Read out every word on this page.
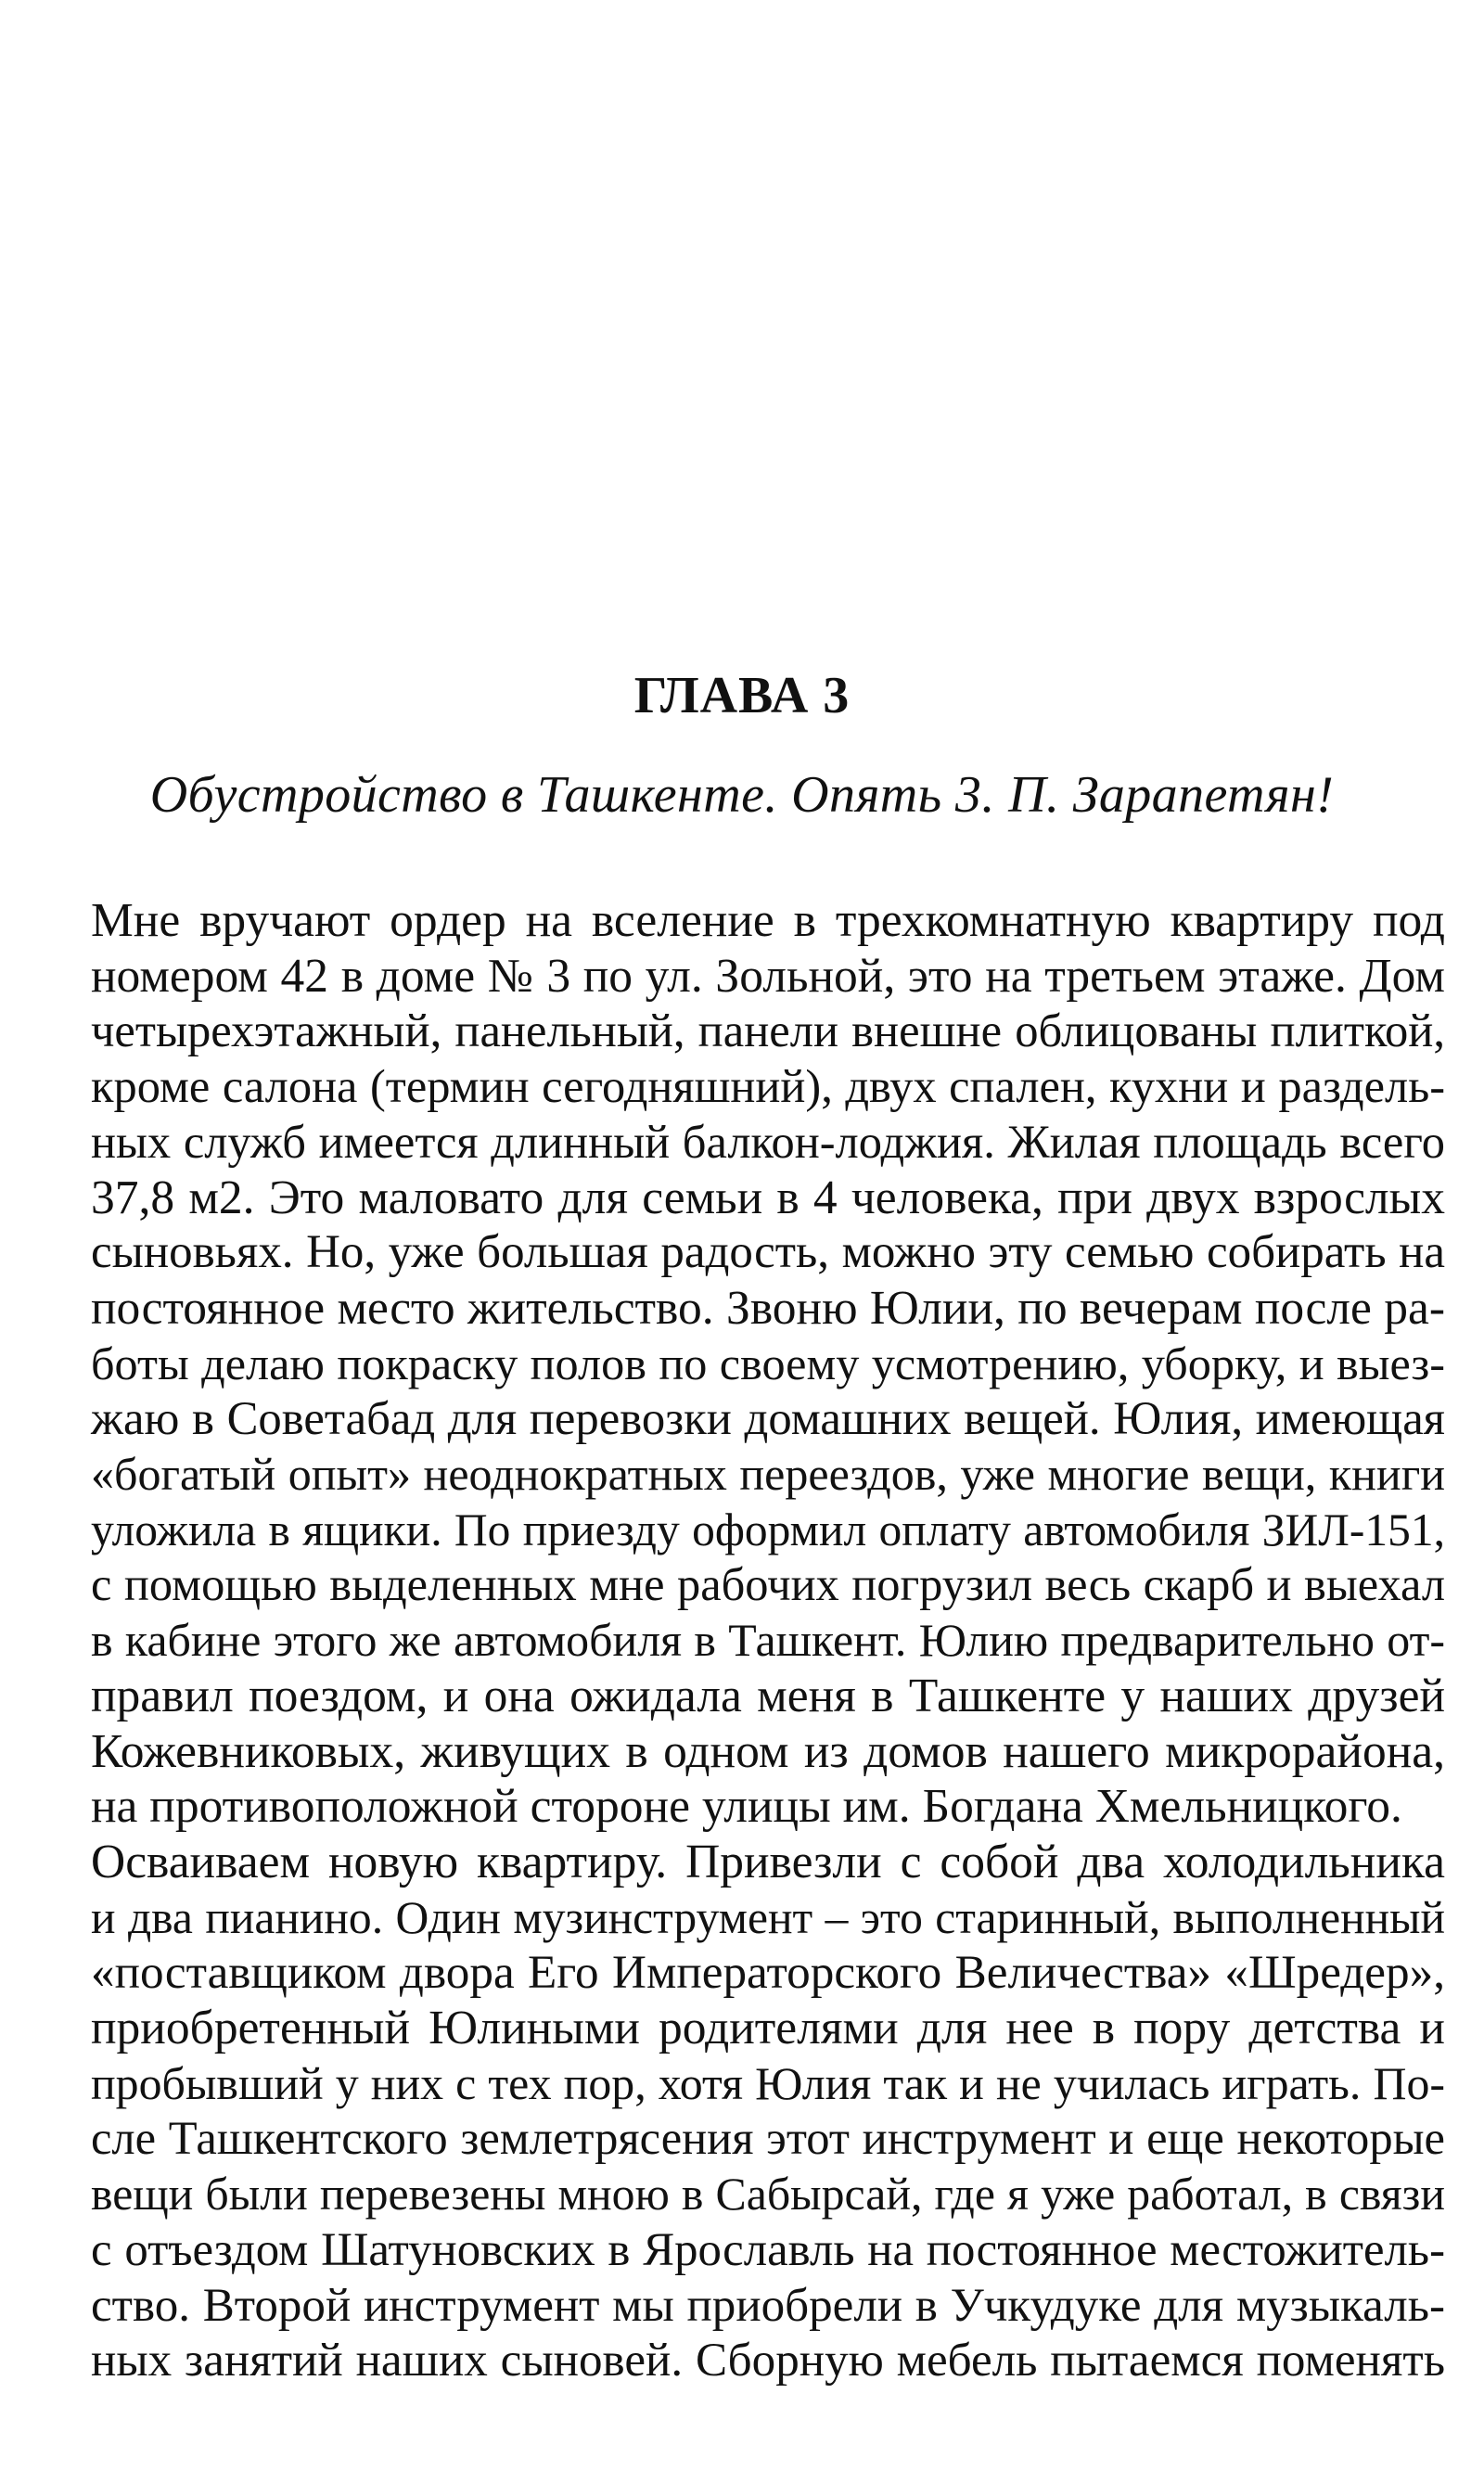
ГЛАВА 3
Обустройство в Ташкенте. Опять 3. П. Зарапетян!

Мне вручают ордер на вселение в трехкомнатную квартиру под
номером 42 в доме № 3 по ул. Зольной, это на третьем этаже. Дом
четырехэтажный, панельный, панели внешне облицованы плиткой,
кроме салона (термин сегодняшний), двух спален, кухни и раздель-
ных служб имеется длинный балкон-лоджия. Жилая площадь всего
37,8 м2. Это маловато для семьи в 4 человека, при двух взрослых
сыновьях. Но, уже большая радость, можно эту семью собирать на
постоянное место жительство. Звоню Юлии, по вечерам после ра-
боты делаю покраску полов по своему усмотрению, уборку, и выез-
жаю в Советабад для перевозки домашних вещей. Юлия, имеющая
«богатый опыт» неоднократных переездов, уже многие вещи, книги
уложила в ящики. По приезду оформил оплату автомобиля ЗИЛ-151,
с помощью выделенных мне рабочих погрузил весь скарб и выехал
в кабине этого же автомобиля в Ташкент. Юлию предварительно от-
правил поездом, и она ожидала меня в Ташкенте у наших друзей
Кожевниковых, живущих в одном из домов нашего микрорайона,
на противоположной стороне улицы им. Богдана Хмельницкого.

Осваиваем новую квартиру. Привезли с собой два холодильника
и два пианино. Один музинструмент – это старинный, выполненный
«поставщиком двора Его Императорского Величества» «Шредер»,
приобретенный Юлиными родителями для нее в пору детства и
пробывший у них с тех пор, хотя Юлия так и не училась играть. По-
сле Ташкентского землетрясения этот инструмент и еще некоторые
вещи были перевезены мною в Сабырсай, где я уже работал, в связи
с отъездом Шатуновских в Ярославль на постоянное местожитель-
ство. Второй инструмент мы приобрели в Учкудуке для музыкаль-
ных занятий наших сыновей. Сборную мебель пытаемся поменять
